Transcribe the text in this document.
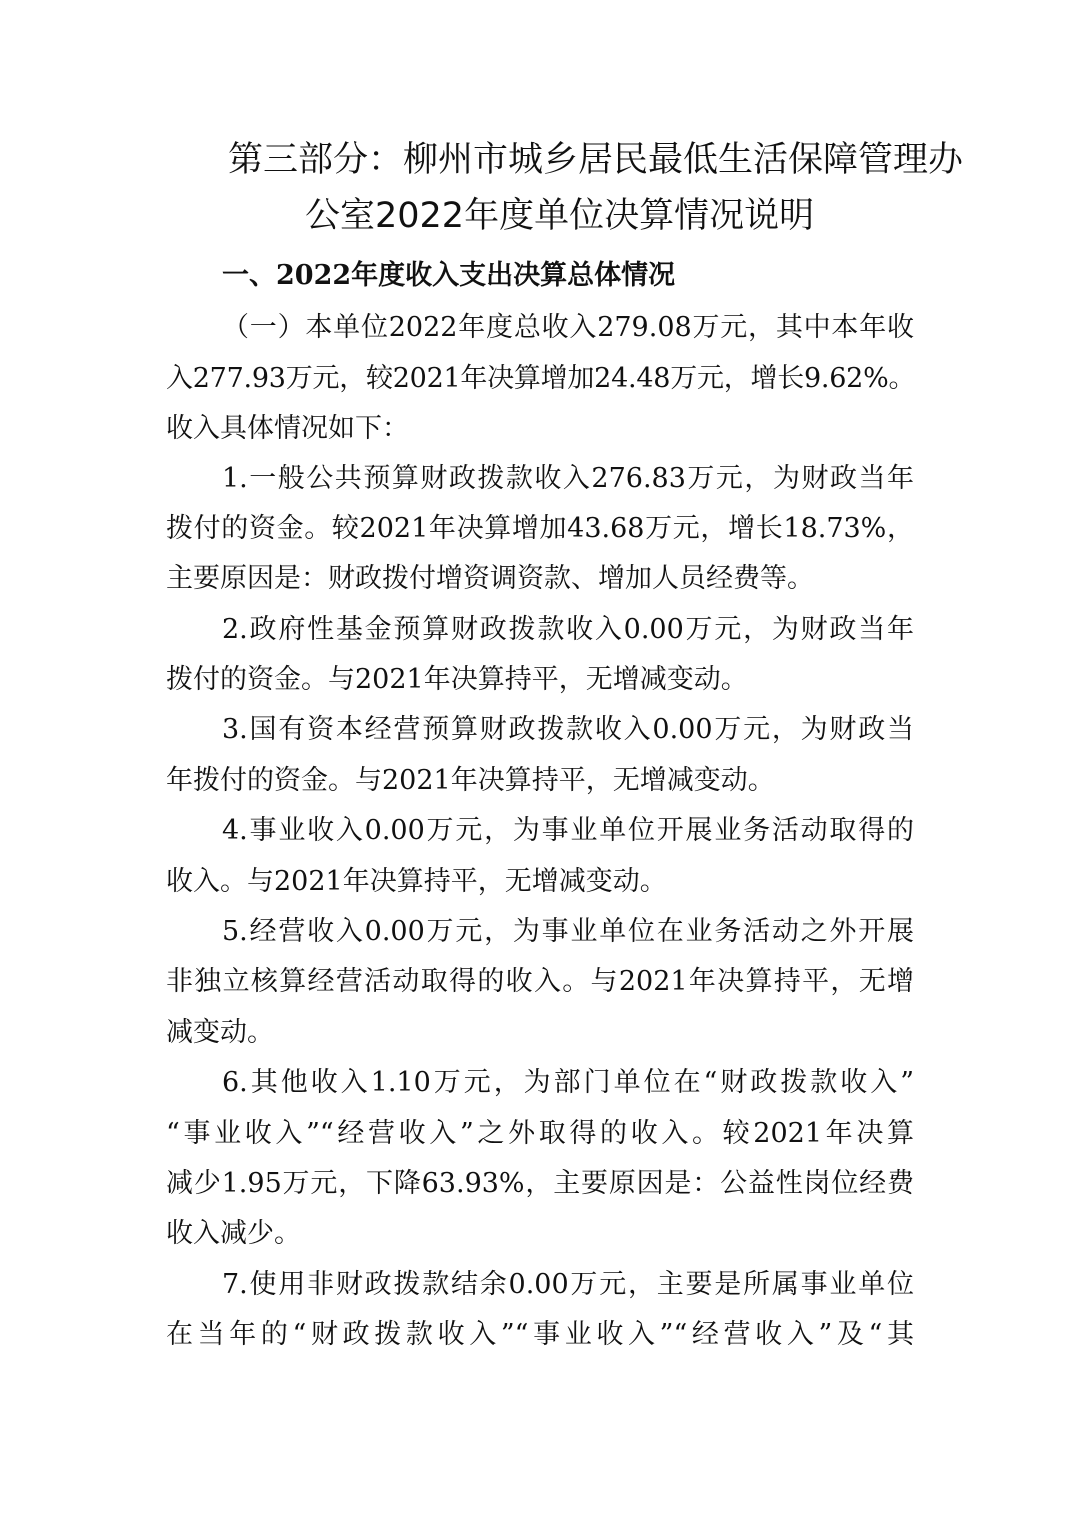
第三部分：柳州市城乡居民最低生活保障管理办
公室2022年度单位决算情况说明
一、2022年度收入支出决算总体情况
（一）本单位2022年度总收入279.08万元，其中本年收
入277.93万元，较2021年决算增加24.48万元，增长9.62%。
收入具体情况如下：
1.一般公共预算财政拨款收入276.83万元，为财政当年
拨付的资金。较2021年决算增加43.68万元，增长18.73%，
主要原因是：财政拨付增资调资款、增加人员经费等。
2.政府性基金预算财政拨款收入0.00万元，为财政当年
拨付的资金。与2021年决算持平，无增减变动。
3.国有资本经营预算财政拨款收入0.00万元，为财政当
年拨付的资金。与2021年决算持平，无增减变动。
4.事业收入0.00万元，为事业单位开展业务活动取得的
收入。与2021年决算持平，无增减变动。
5.经营收入0.00万元，为事业单位在业务活动之外开展
非独立核算经营活动取得的收入。与2021年决算持平，无增
减变动。
6.其他收入1.10万元，为部门单位在“财政拨款收入”
“事业收入”“经营收入”之外取得的收入。较2021年决算
减少1.95万元，下降63.93%，主要原因是：公益性岗位经费
收入减少。
7.使用非财政拨款结余0.00万元，主要是所属事业单位
在当年的“财政拨款收入”“事业收入”“经营收入”及“其
